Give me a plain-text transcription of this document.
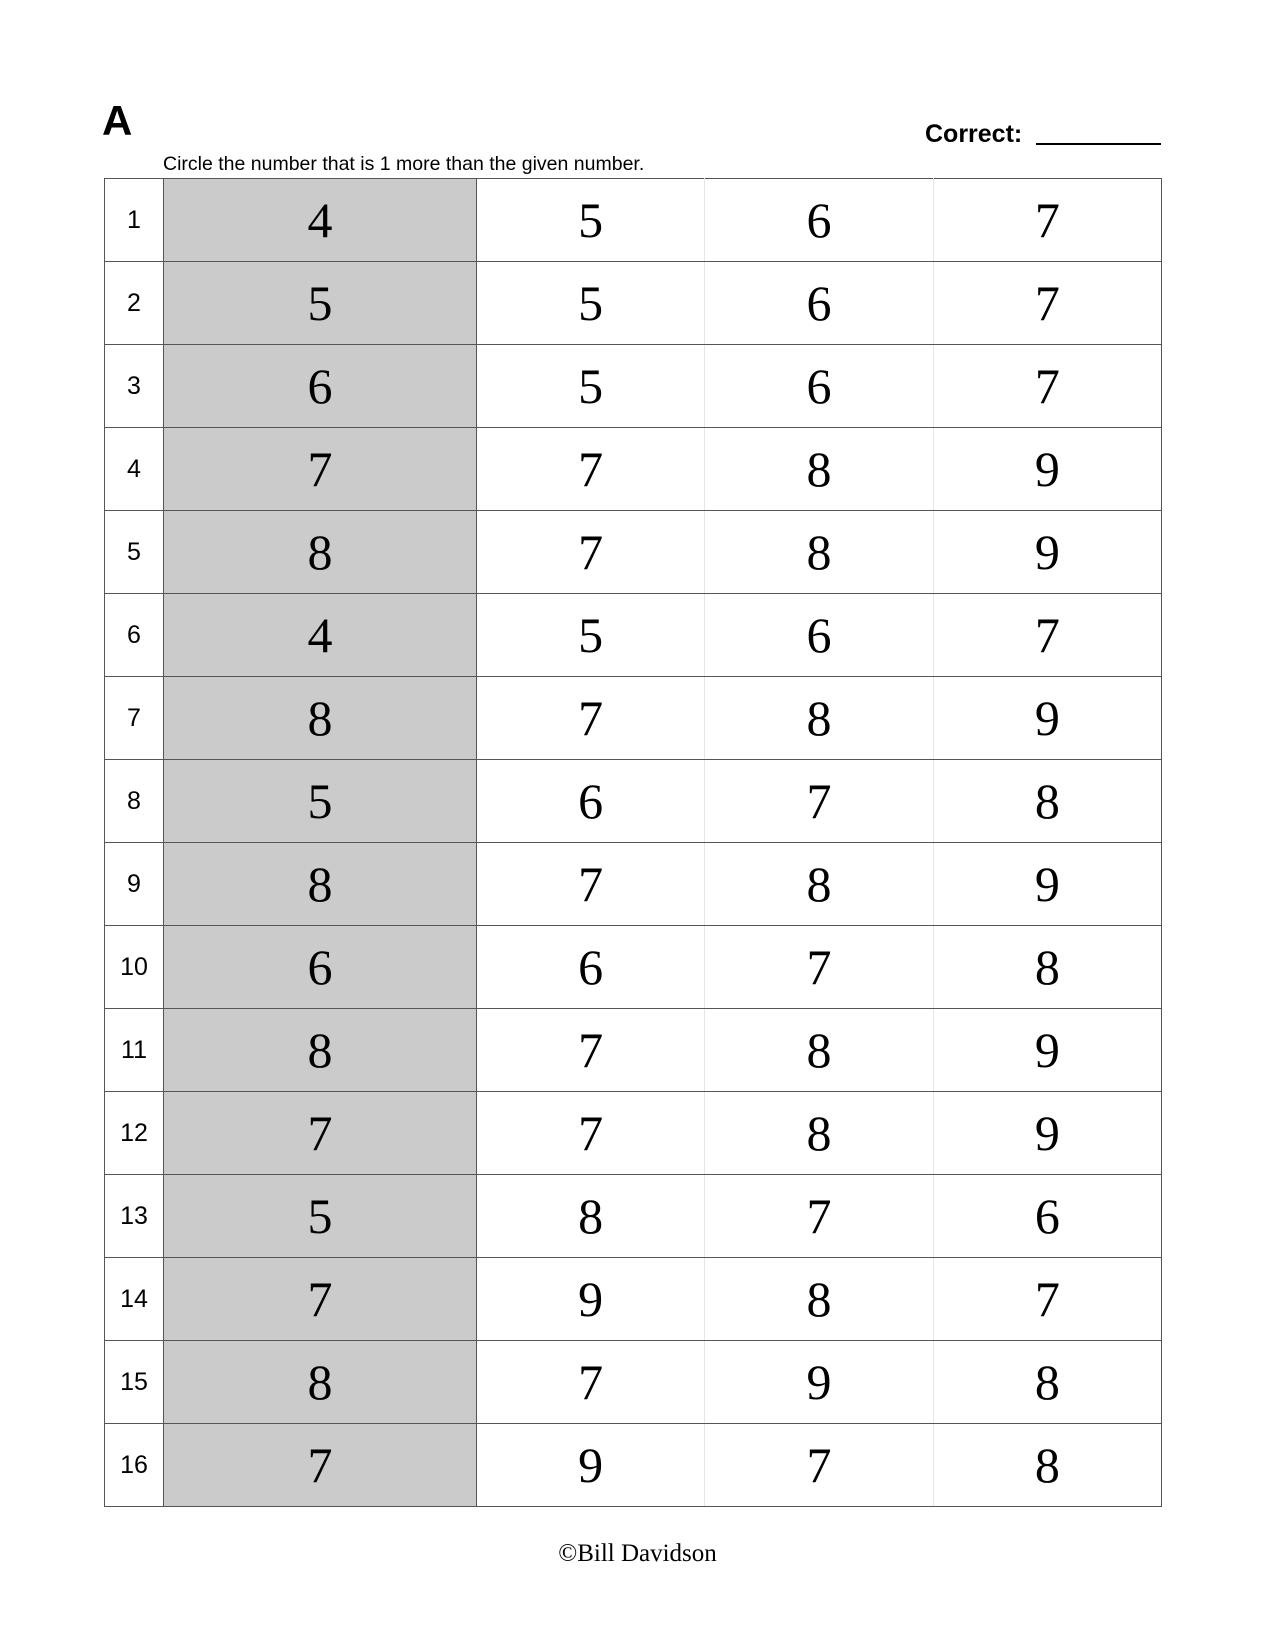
A	Correct:
Circle the number that is 1 more than the given number.
1	4	5	6	7
2	5	5	6	7
3	6	5	6	7
4	7	7	8	9
5	8	7	8	9
6	4	5	6	7
7	8	7	8	9
8	5	6	7	8
9	8	7	8	9
10	6	6	7	8
11	8	7	8	9
12	7	7	8	9
13	5	8	7	6
14	7	9	8	7
15	8	7	9	8
16	7	9	7	8
©Bill Davidson
